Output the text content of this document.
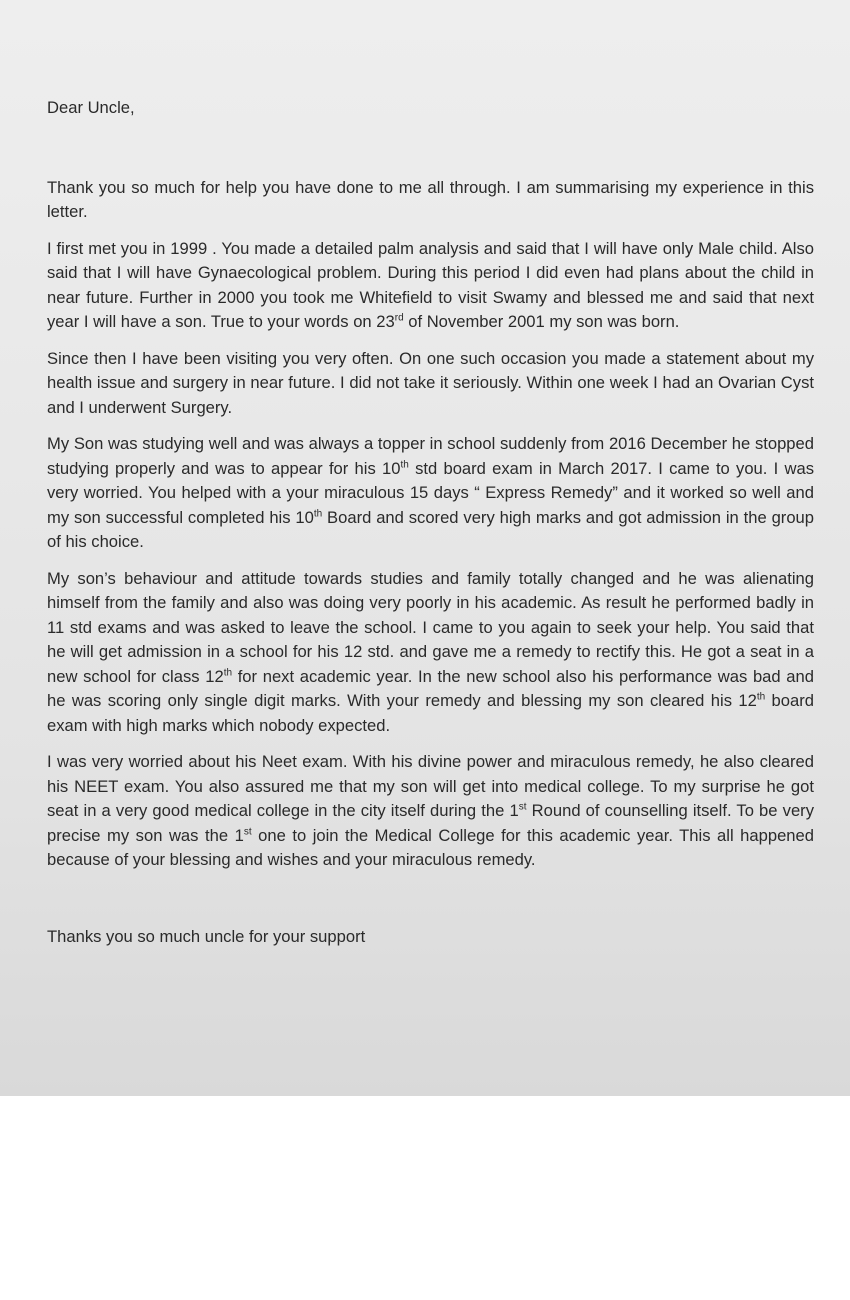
Dear Uncle,

Thank you so much for help you have done to me all through. I am summarising my experience in this letter.

I first met you in 1999 . You made a detailed palm analysis and said that I will have only Male child. Also said that I will have Gynaecological problem. During this period I did even had plans about the child in near future. Further in 2000 you took me Whitefield to visit Swamy and blessed me and said that next year I will have a son. True to your words on 23rd of November 2001 my son was born.

Since then I have been visiting you very often. On one such occasion you made a statement about my health issue and surgery in near future. I did not take it seriously. Within one week I had an Ovarian Cyst and I underwent Surgery.

My Son was studying well and was always a topper in school suddenly from 2016 December he stopped studying properly and was to appear for his 10th std board exam in March 2017. I came to you. I was very worried. You helped with a your miraculous 15 days “ Express Remedy” and it worked so well and my son successful completed his 10th Board and scored very high marks and got admission in the group of his choice.

My son’s behaviour and attitude towards studies and family totally changed and he was alienating himself from the family and also was doing very poorly in his academic. As result he performed badly in 11 std exams and was asked to leave the school. I came to you again to seek your help. You said that he will get admission in a school for his 12 std. and gave me a remedy to rectify this. He got a seat in a new school for class 12th for next academic year. In the new school also his performance was bad and he was scoring only single digit marks. With your remedy and blessing my son cleared his 12th board exam with high marks which nobody expected.

I was very worried about his Neet exam. With his divine power and miraculous remedy, he also cleared his NEET exam. You also assured me that my son will get into medical college. To my surprise he got seat in a very good medical college in the city itself during the 1st Round of counselling itself. To be very precise my son was the 1st one to join the Medical College for this academic year. This all happened because of your blessing and wishes and your miraculous remedy.

Thanks you so much uncle for your support
